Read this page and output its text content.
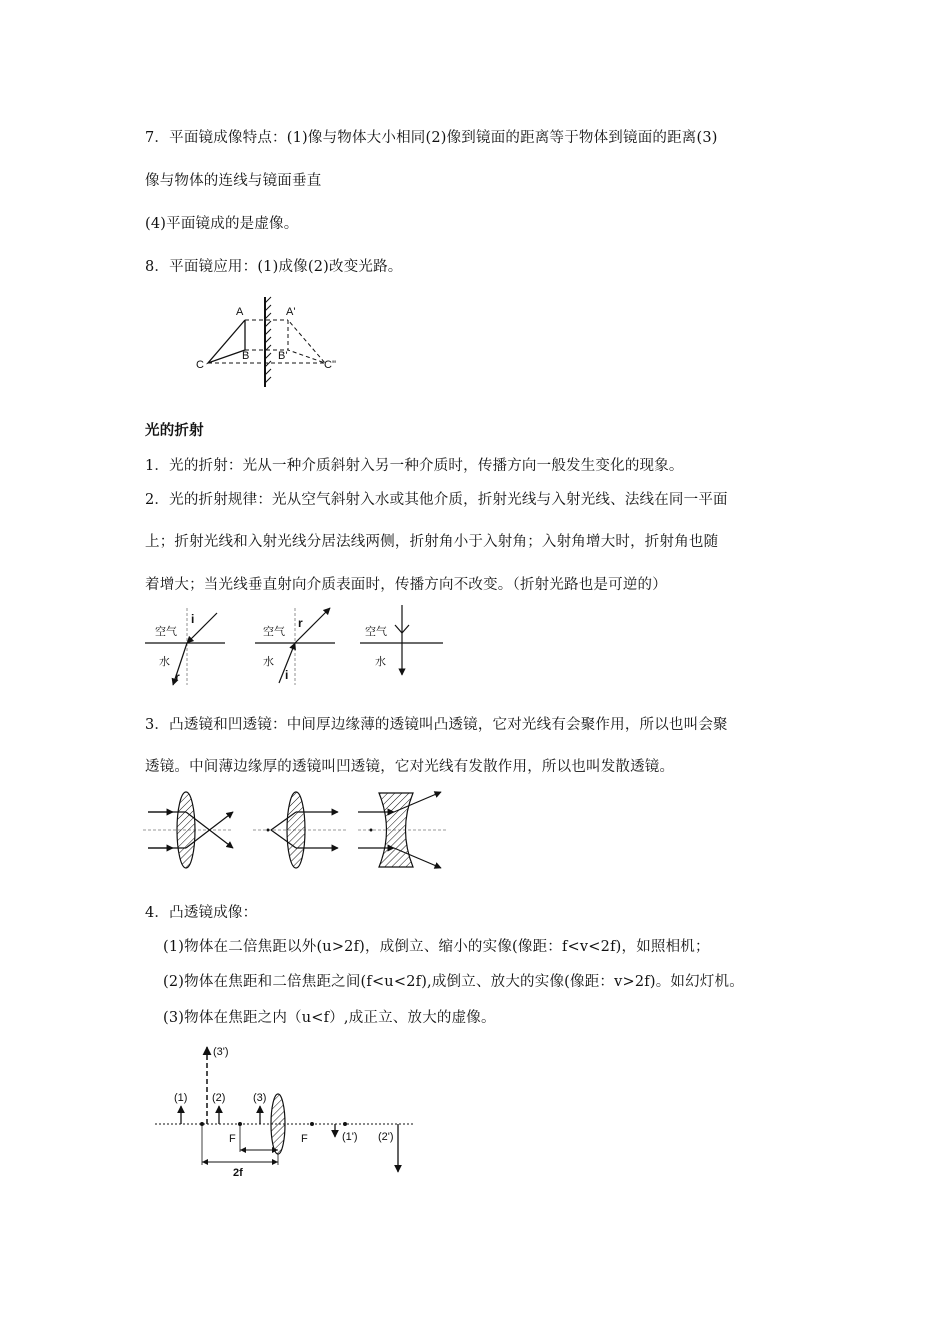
7．平面镜成像特点：(1)像与物体大小相同(2)像到镜面的距离等于物体到镜面的距离(3)
像与物体的连线与镜面垂直
(4)平面镜成的是虚像。
8．平面镜应用：(1)成像(2)改变光路。
A	A'
B	B'
C	C''
光的折射
1．光的折射：光从一种介质斜射入另一种介质时，传播方向一般发生变化的现象。
2．光的折射规律：光从空气斜射入水或其他介质，折射光线与入射光线、法线在同一平面
上；折射光线和入射光线分居法线两侧，折射角小于入射角；入射角增大时，折射角也随
着增大；当光线垂直射向介质表面时，传播方向不改变。（折射光路也是可逆的）
空气
水
i
r
空气
水
r
i
空气
水
3．凸透镜和凹透镜：中间厚边缘薄的透镜叫凸透镜，它对光线有会聚作用，所以也叫会聚
透镜。中间薄边缘厚的透镜叫凹透镜，它对光线有发散作用，所以也叫发散透镜。
4．凸透镜成像：
(1)物体在二倍焦距以外(u>2f)，成倒立、缩小的实像(像距：f<v<2f)，如照相机；
(2)物体在焦距和二倍焦距之间(f<u<2f),成倒立、放大的实像(像距：v>2f)。如幻灯机。
(3)物体在焦距之内（u<f）,成正立、放大的虚像。
(1) (2)	(3)
(3')
F	F	(1') (2')
2f
